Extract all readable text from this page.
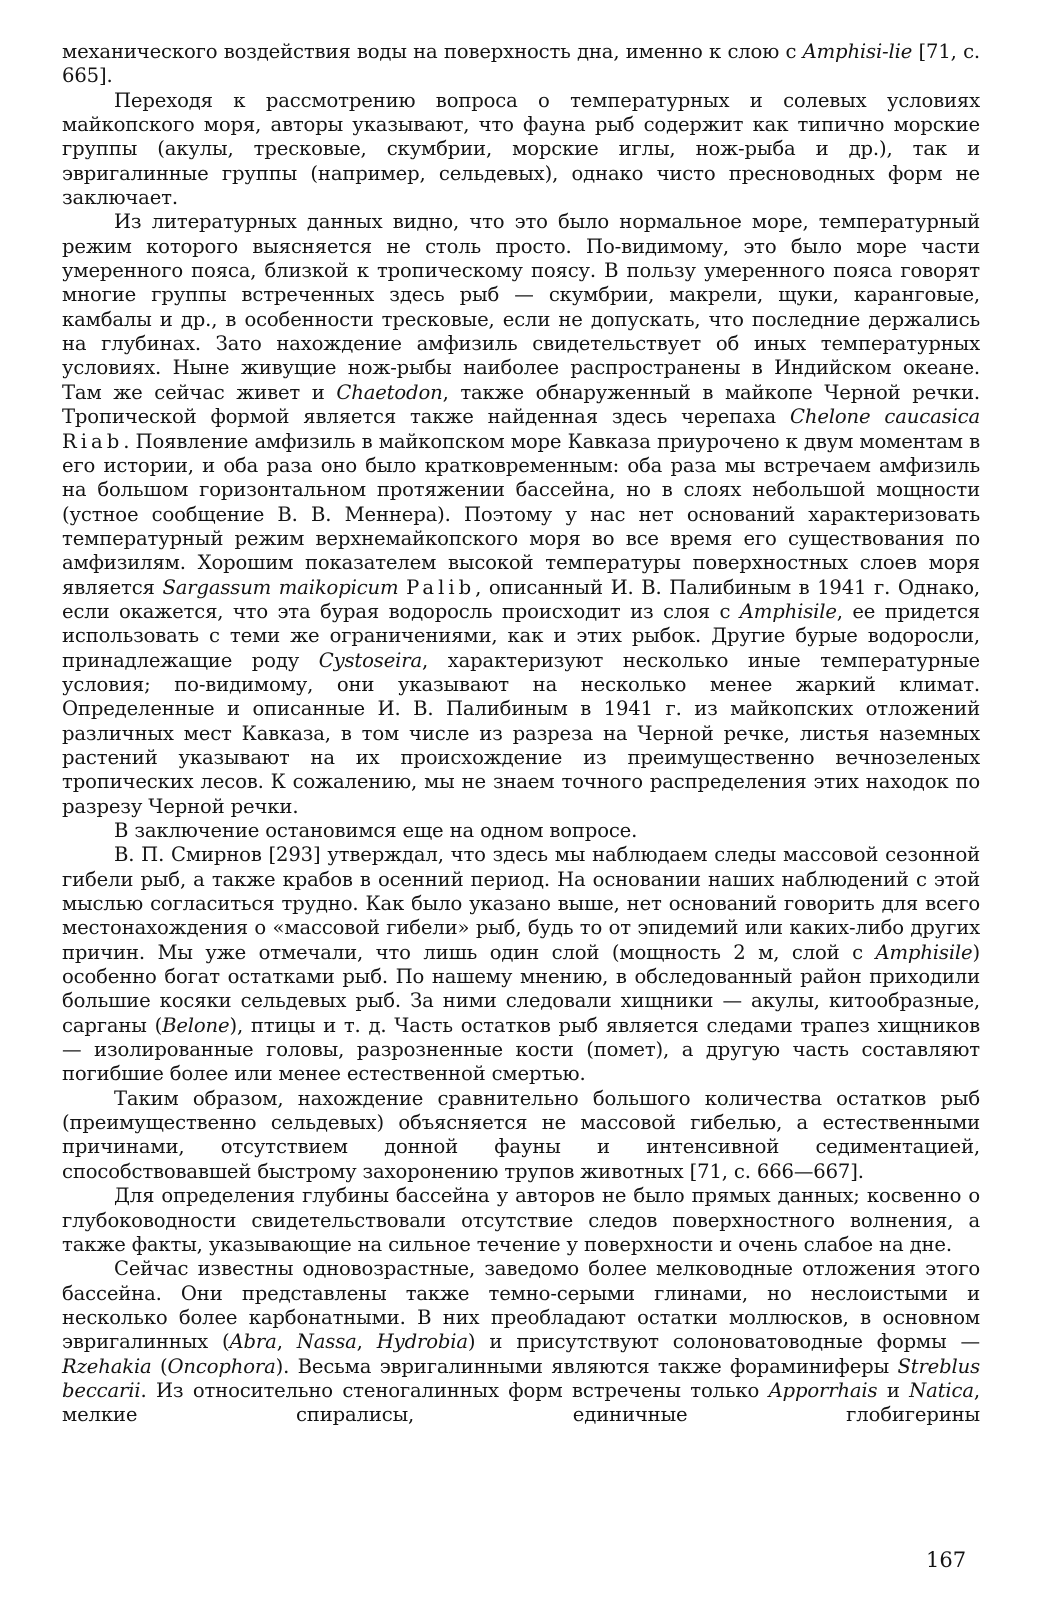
механического воздействия воды на поверхность дна, именно к слою с Amphisi-lie [71, с. 665].

Переходя к рассмотрению вопроса о температурных и солевых условиях майкопского моря, авторы указывают, что фауна рыб содержит как типично морские группы (акулы, тресковые, скумбрии, морские иглы, нож-рыба и др.), так и эвригалинные группы (например, сельдевых), однако чисто пресноводных форм не заключает.

Из литературных данных видно, что это было нормальное море, температурный режим которого выясняется не столь просто. По-видимому, это было море части умеренного пояса, близкой к тропическому поясу. В пользу умеренного пояса говорят многие группы встреченных здесь рыб — скумбрии, макрели, щуки, каранговые, камбалы и др., в особенности тресковые, если не допускать, что последние держались на глубинах. Зато нахождение амфизиль свидетельствует об иных температурных условиях. Ныне живущие нож-рыбы наиболее распространены в Индийском океане. Там же сейчас живет и Chaetodon, также обнаруженный в майкопе Черной речки. Тропической формой является также найденная здесь черепаха Chelone caucasica Riab. Появление амфизиль в майкопском море Кавказа приурочено к двум моментам в его истории, и оба раза оно было кратковременным: оба раза мы встречаем амфизиль на большом горизонтальном протяжении бассейна, но в слоях небольшой мощности (устное сообщение В. В. Меннера). Поэтому у нас нет оснований характеризовать температурный режим верхнемайкопского моря во все время его существования по амфизилям. Хорошим показателем высокой температуры поверхностных слоев моря является Sargassum maikopicum Palib, описанный И. В. Палибиным в 1941 г. Однако, если окажется, что эта бурая водоросль происходит из слоя с Amphisile, ее придется использовать с теми же ограничениями, как и этих рыбок. Другие бурые водоросли, принадлежащие роду Cystoseira, характеризуют несколько иные температурные условия; по-видимому, они указывают на несколько менее жаркий климат. Определенные и описанные И. В. Палибиным в 1941 г. из майкопских отложений различных мест Кавказа, в том числе из разреза на Черной речке, листья наземных растений указывают на их происхождение из преимущественно вечнозеленых тропических лесов. К сожалению, мы не знаем точного распределения этих находок по разрезу Черной речки.

В заключение остановимся еще на одном вопросе.

В. П. Смирнов [293] утверждал, что здесь мы наблюдаем следы массовой сезонной гибели рыб, а также крабов в осенний период. На основании наших наблюдений с этой мыслью согласиться трудно. Как было указано выше, нет оснований говорить для всего местонахождения о «массовой гибели» рыб, будь то от эпидемий или каких-либо других причин. Мы уже отмечали, что лишь один слой (мощность 2 м, слой с Amphisile) особенно богат остатками рыб. По нашему мнению, в обследованный район приходили большие косяки сельдевых рыб. За ними следовали хищники — акулы, китообразные, сарганы (Belone), птицы и т. д. Часть остатков рыб является следами трапез хищников — изолированные головы, разрозненные кости (помет), а другую часть составляют погибшие более или менее естественной смертью.

Таким образом, нахождение сравнительно большого количества остатков рыб (преимущественно сельдевых) объясняется не массовой гибелью, а естественными причинами, отсутствием донной фауны и интенсивной седиментацией, способствовавшей быстрому захоронению трупов животных [71, с. 666—667].

Для определения глубины бассейна у авторов не было прямых данных; косвенно о глубоководности свидетельствовали отсутствие следов поверхностного волнения, а также факты, указывающие на сильное течение у поверхности и очень слабое на дне.

Сейчас известны одновозрастные, заведомо более мелководные отложения этого бассейна. Они представлены также темно-серыми глинами, но неслоистыми и несколько более карбонатными. В них преобладают остатки моллюсков, в основном эвригалинных (Abra, Nassa, Hydrobia) и присутствуют солоноватоводные формы — Rzehakia (Oncophora). Весьма эвригалинными являются также фораминиферы Streblus beccarii. Из относительно стеногалинных форм встречены только Apporrhais и Natica, мелкие спиралисы, единичные глобигерины

167
